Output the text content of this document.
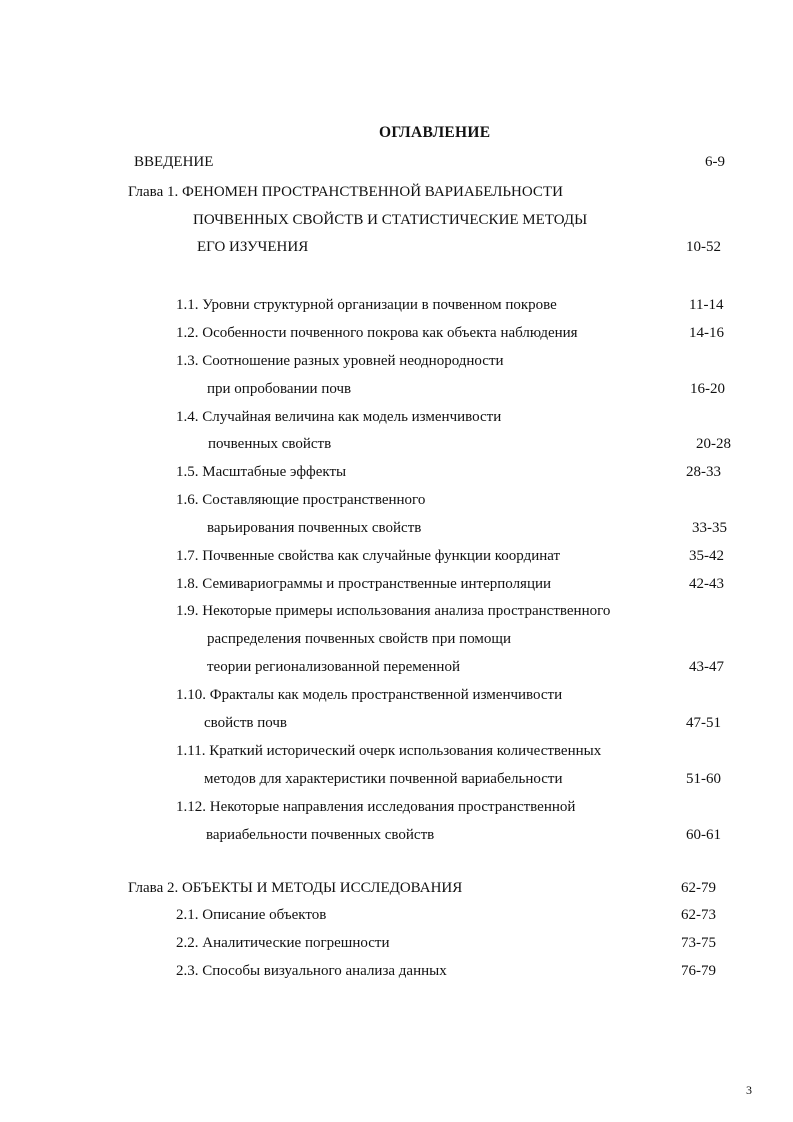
ОГЛАВЛЕНИЕ
ВВЕДЕНИЕ	6-9
Глава 1. ФЕНОМЕН ПРОСТРАНСТВЕННОЙ ВАРИАБЕЛЬНОСТИ
ПОЧВЕННЫХ СВОЙСТВ И СТАТИСТИЧЕСКИЕ МЕТОДЫ
ЕГО ИЗУЧЕНИЯ	10-52
1.1. Уровни структурной организации в почвенном покрове	11-14
1.2. Особенности почвенного покрова как объекта наблюдения	14-16
1.3. Соотношение разных уровней неоднородности
при опробовании почв	16-20
1.4. Случайная величина как модель изменчивости
почвенных свойств	20-28
1.5. Масштабные эффекты	28-33
1.6. Составляющие пространственного
варьирования почвенных свойств	33-35
1.7. Почвенные свойства как случайные функции координат	35-42
1.8. Семивариограммы и пространственные интерполяции	42-43
1.9. Некоторые примеры использования анализа пространственного
распределения почвенных свойств при помощи
теории регионализованной переменной	43-47
1.10. Фракталы как модель пространственной изменчивости
свойств почв	47-51
1.11. Краткий исторический очерк использования количественных
методов для характеристики почвенной вариабельности	51-60
1.12. Некоторые направления исследования пространственной
вариабельности почвенных свойств	60-61
Глава 2. ОБЪЕКТЫ И МЕТОДЫ ИССЛЕДОВАНИЯ	62-79
2.1. Описание объектов	62-73
2.2. Аналитические погрешности	73-75
2.3. Способы визуального анализа данных	76-79
3
